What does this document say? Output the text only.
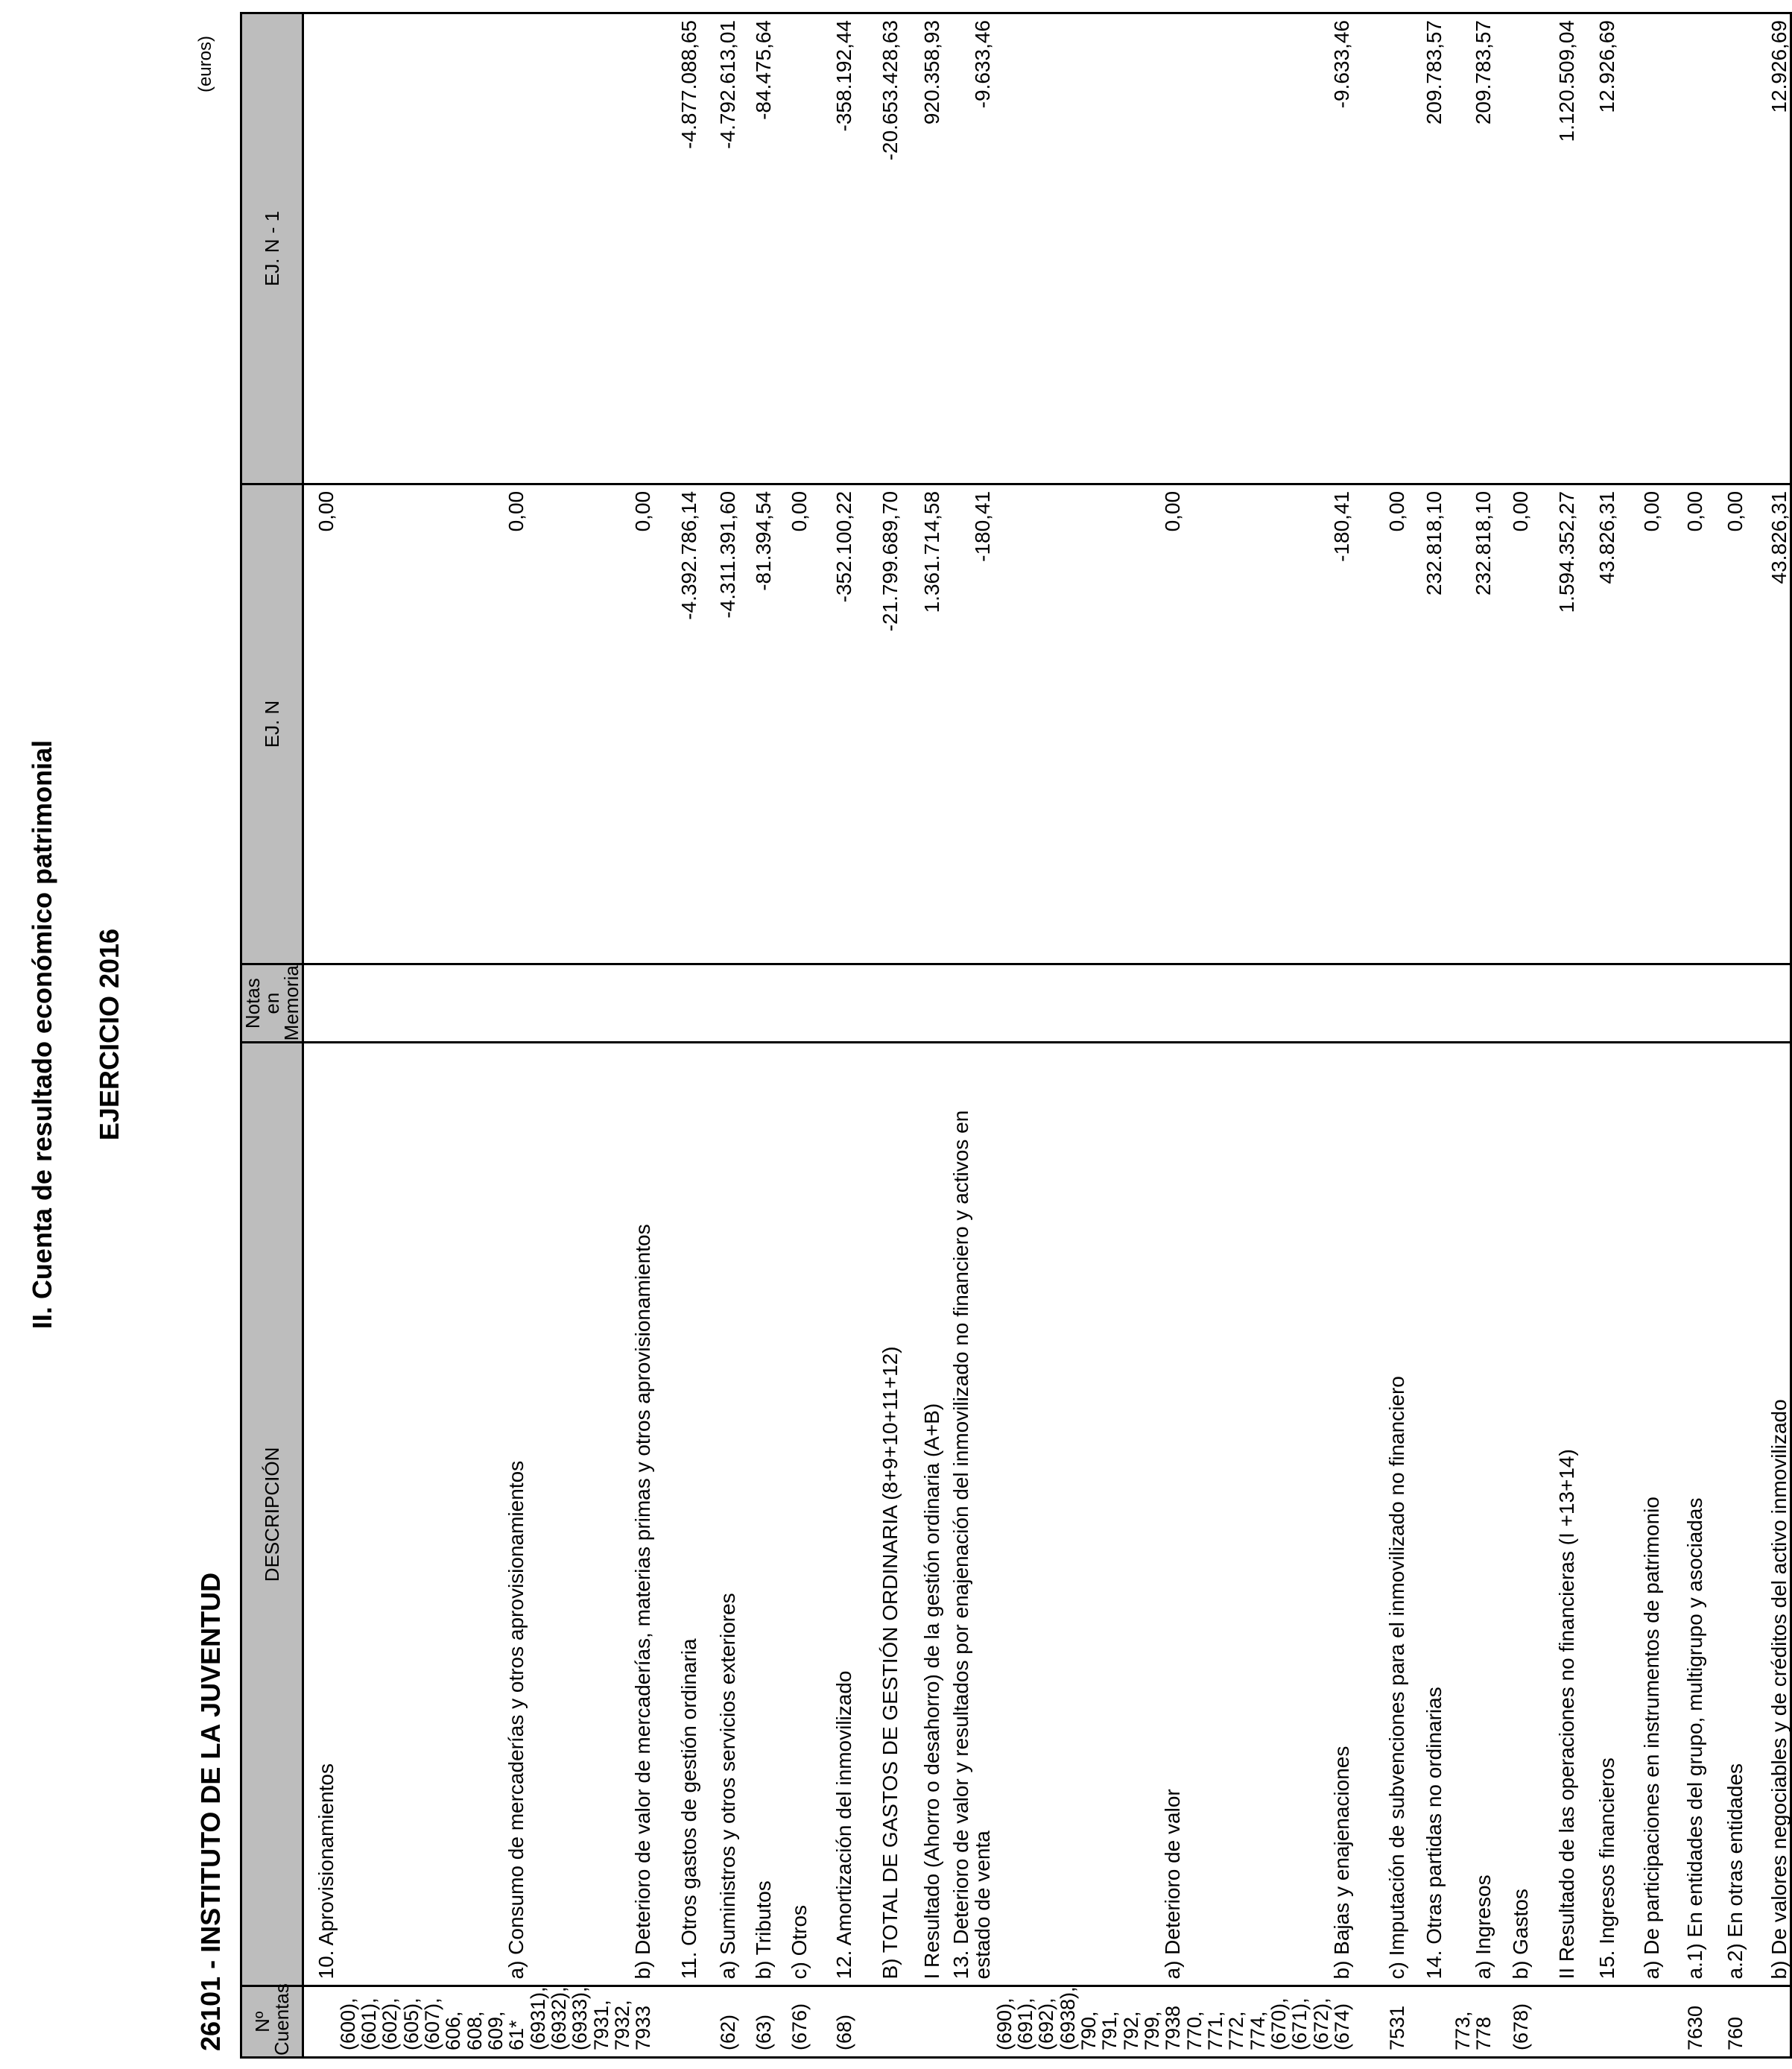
II. Cuenta de resultado económico patrimonial EJERCICIO 2016
26101 - INSTITUTO DE LA JUVENTUD
(euros)
Nº Cuentas	DESCRIPCIÓN	Notas en Memoria	EJ. N	EJ. N - 1
	10. Aprovisionamientos		0,00	
(600), (601), (602), (605), (607), 606, 608, 609, 61*	a) Consumo de mercaderías y otros aprovisionamientos		0,00	
(6931), (6932), (6933), 7931, 7932, 7933	b) Deterioro de valor de mercaderías, materias primas y otros aprovisionamientos		0,00	
	11. Otros gastos de gestión ordinaria		-4.392.786,14	-4.877.088,65
(62)	a) Suministros y otros servicios exteriores		-4.311.391,60	-4.792.613,01
(63)	b) Tributos		-81.394,54	-84.475,64
(676)	c) Otros		0,00	
(68)	12. Amortización del inmovilizado		-352.100,22	-358.192,44
	B) TOTAL DE GASTOS DE GESTIÓN ORDINARIA (8+9+10+11+12)		-21.799.689,70	-20.653.428,63
	I Resultado (Ahorro o desahorro) de la gestión ordinaria (A+B)		1.361.714,58	920.358,93
	13. Deterioro de valor y resultados por enajenación del inmovilizado no financiero y activos en estado de venta		-180,41	-9.633,46
(690), (691), (692), (6938), 790, 791, 792, 799, 7938	a) Deterioro de valor		0,00	
770, 771, 772, 774, (670), (671), (672), (674)	b) Bajas y enajenaciones		-180,41	-9.633,46
7531	c) Imputación de subvenciones para el inmovilizado no financiero		0,00	
	14. Otras partidas no ordinarias		232.818,10	209.783,57
773, 778	a) Ingresos		232.818,10	209.783,57
(678)	b) Gastos		0,00	
	II Resultado de las operaciones no financieras (I +13+14)		1.594.352,27	1.120.509,04
	15. Ingresos financieros		43.826,31	12.926,69
	a) De participaciones en instrumentos de patrimonio		0,00	
7630	a.1) En entidades del grupo, multigrupo y asociadas		0,00	
760	a.2) En otras entidades		0,00	
	b) De valores negociables y de créditos del activo inmovilizado		43.826,31	12.926,69
